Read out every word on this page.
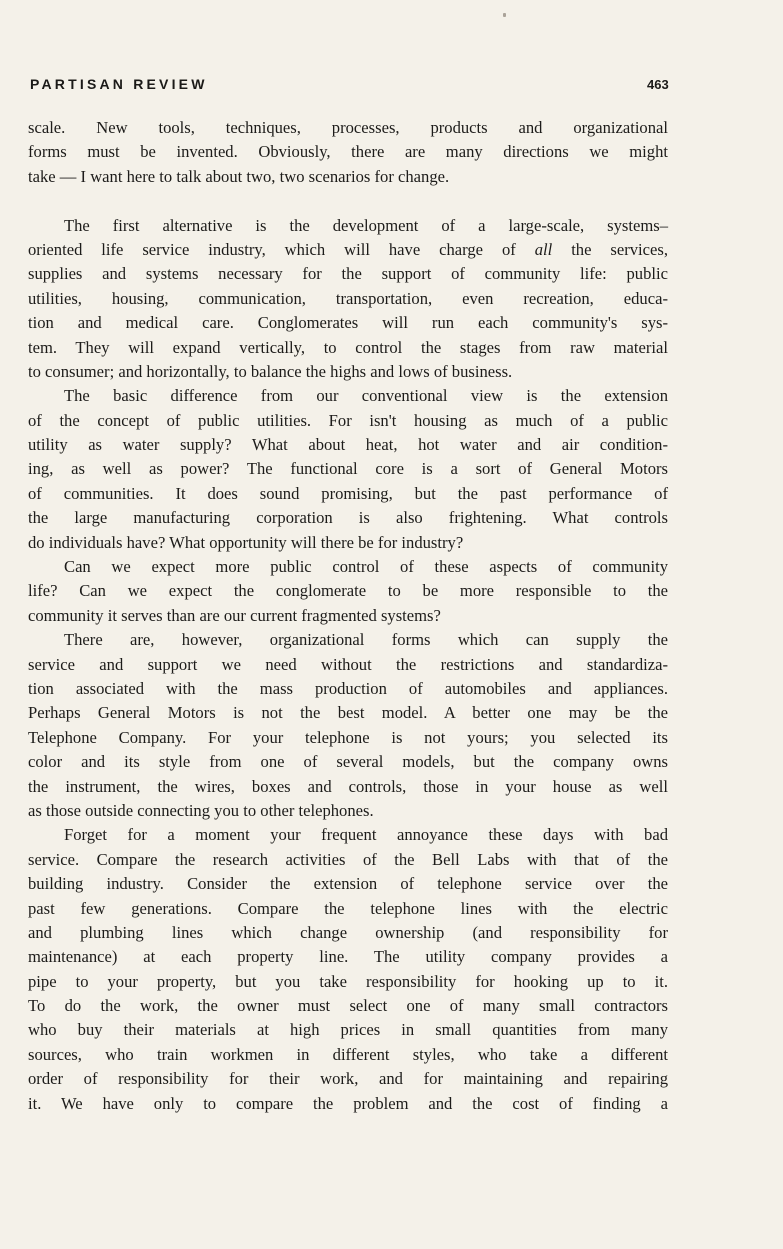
PARTISAN REVIEW	463
scale. New tools, techniques, processes, products and organizational
forms must be invented. Obviously, there are many directions we might
take — I want here to talk about two, two scenarios for change.
The first alternative is the development of a large-scale, systems–
oriented life service industry, which will have charge of all the services,
supplies and systems necessary for the support of community life: public
utilities, housing, communication, transportation, even recreation, educa-
tion and medical care. Conglomerates will run each community's sys-
tem. They will expand vertically, to control the stages from raw material
to consumer; and horizontally, to balance the highs and lows of business.
The basic difference from our conventional view is the extension
of the concept of public utilities. For isn't housing as much of a public
utility as water supply? What about heat, hot water and air condition-
ing, as well as power? The functional core is a sort of General Motors
of communities. It does sound promising, but the past performance of
the large manufacturing corporation is also frightening. What controls
do individuals have? What opportunity will there be for industry?
Can we expect more public control of these aspects of community
life? Can we expect the conglomerate to be more responsible to the
community it serves than are our current fragmented systems?
There are, however, organizational forms which can supply the
service and support we need without the restrictions and standardiza-
tion associated with the mass production of automobiles and appliances.
Perhaps General Motors is not the best model. A better one may be the
Telephone Company. For your telephone is not yours; you selected its
color and its style from one of several models, but the company owns
the instrument, the wires, boxes and controls, those in your house as well
as those outside connecting you to other telephones.
Forget for a moment your frequent annoyance these days with bad
service. Compare the research activities of the Bell Labs with that of the
building industry. Consider the extension of telephone service over the
past few generations. Compare the telephone lines with the electric
and plumbing lines which change ownership (and responsibility for
maintenance) at each property line. The utility company provides a
pipe to your property, but you take responsibility for hooking up to it.
To do the work, the owner must select one of many small contractors
who buy their materials at high prices in small quantities from many
sources, who train workmen in different styles, who take a different
order of responsibility for their work, and for maintaining and repairing
it. We have only to compare the problem and the cost of finding a
